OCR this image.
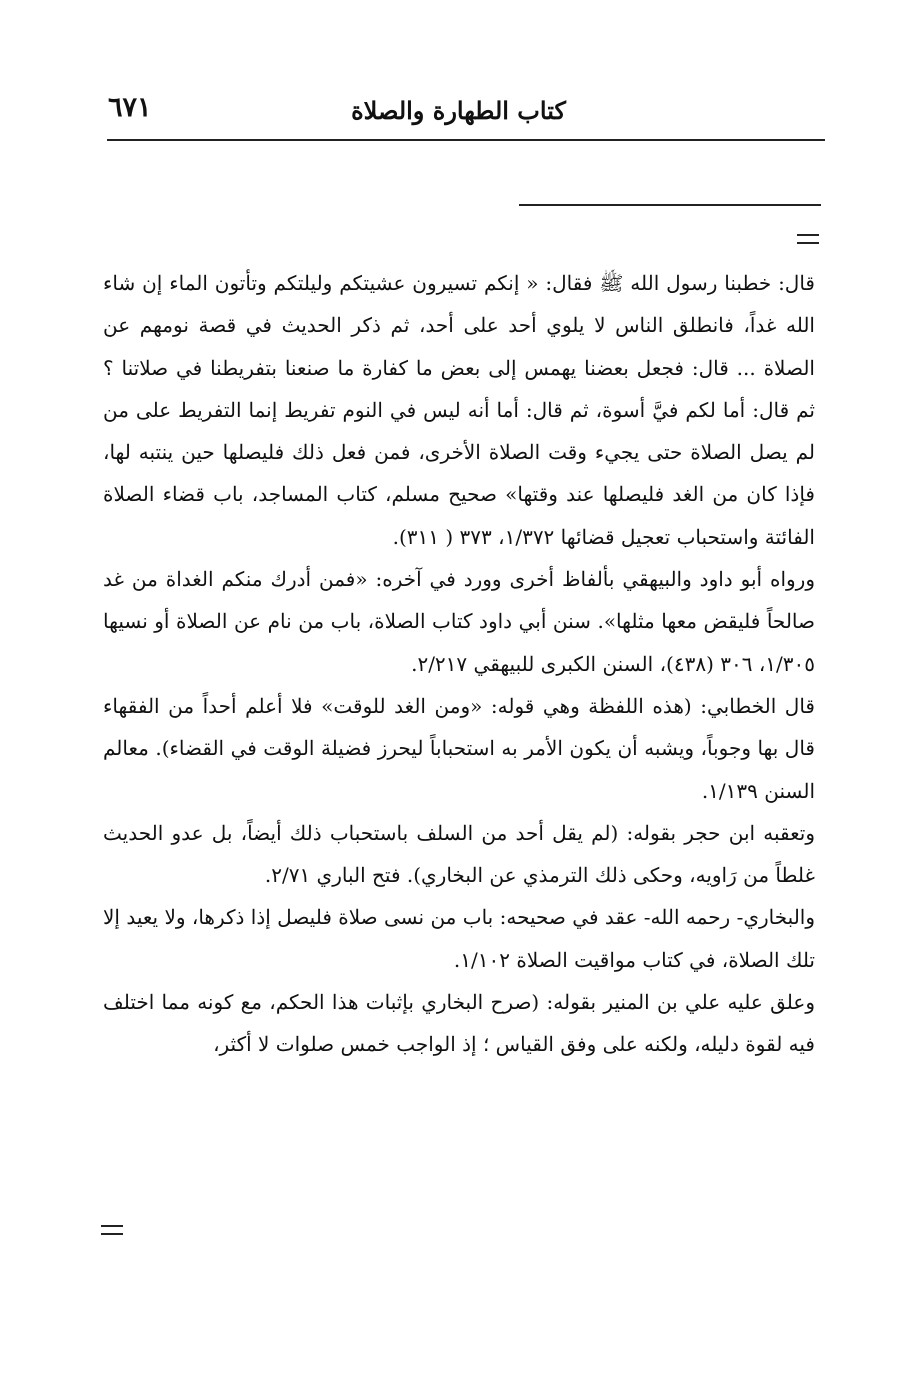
٦٧١	كتاب الطهارة والصلاة

قال: خطبنا رسول الله ﷺ فقال: « إنكم تسيرون عشيتكم وليلتكم وتأتون الماء إن شاء الله غداً، فانطلق الناس لا يلوي أحد على أحد، ثم ذكر الحديث في قصة نومهم عن الصلاة ... قال: فجعل بعضنا يهمس إلى بعض ما كفارة ما صنعنا بتفريطنا في صلاتنا ؟ ثم قال: أما لكم فيَّ أسوة، ثم قال: أما أنه ليس في النوم تفريط إنما التفريط على من لم يصل الصلاة حتى يجيء وقت الصلاة الأخرى، فمن فعل ذلك فليصلها حين ينتبه لها، فإذا كان من الغد فليصلها عند وقتها» صحيح مسلم، كتاب المساجد، باب قضاء الصلاة الفائتة واستحباب تعجيل قضائها ١/٣٧٢، ٣٧٣ ( ٣١١).

ورواه أبو داود والبيهقي بألفاظ أخرى وورد في آخره: «فمن أدرك منكم الغداة من غد صالحاً فليقض معها مثلها». سنن أبي داود كتاب الصلاة، باب من نام عن الصلاة أو نسيها ١/٣٠٥، ٣٠٦ (٤٣٨)، السنن الكبرى للبيهقي ٢/٢١٧.

قال الخطابي: (هذه اللفظة وهي قوله: «ومن الغد للوقت» فلا أعلم أحداً من الفقهاء قال بها وجوباً، ويشبه أن يكون الأمر به استحباباً ليحرز فضيلة الوقت في القضاء). معالم السنن ١/١٣٩.

وتعقبه ابن حجر بقوله: (لم يقل أحد من السلف باستحباب ذلك أيضاً، بل عدو الحديث غلطاً من رَاويه، وحكى ذلك الترمذي عن البخاري). فتح الباري ٢/٧١.

والبخاري- رحمه الله- عقد في صحيحه: باب من نسى صلاة فليصل إذا ذكرها، ولا يعيد إلا تلك الصلاة، في كتاب مواقيت الصلاة ١/١٠٢.

وعلق عليه علي بن المنير بقوله: (صرح البخاري بإثبات هذا الحكم، مع كونه مما اختلف فيه لقوة دليله، ولكنه على وفق القياس ؛ إذ الواجب خمس صلوات لا أكثر،
